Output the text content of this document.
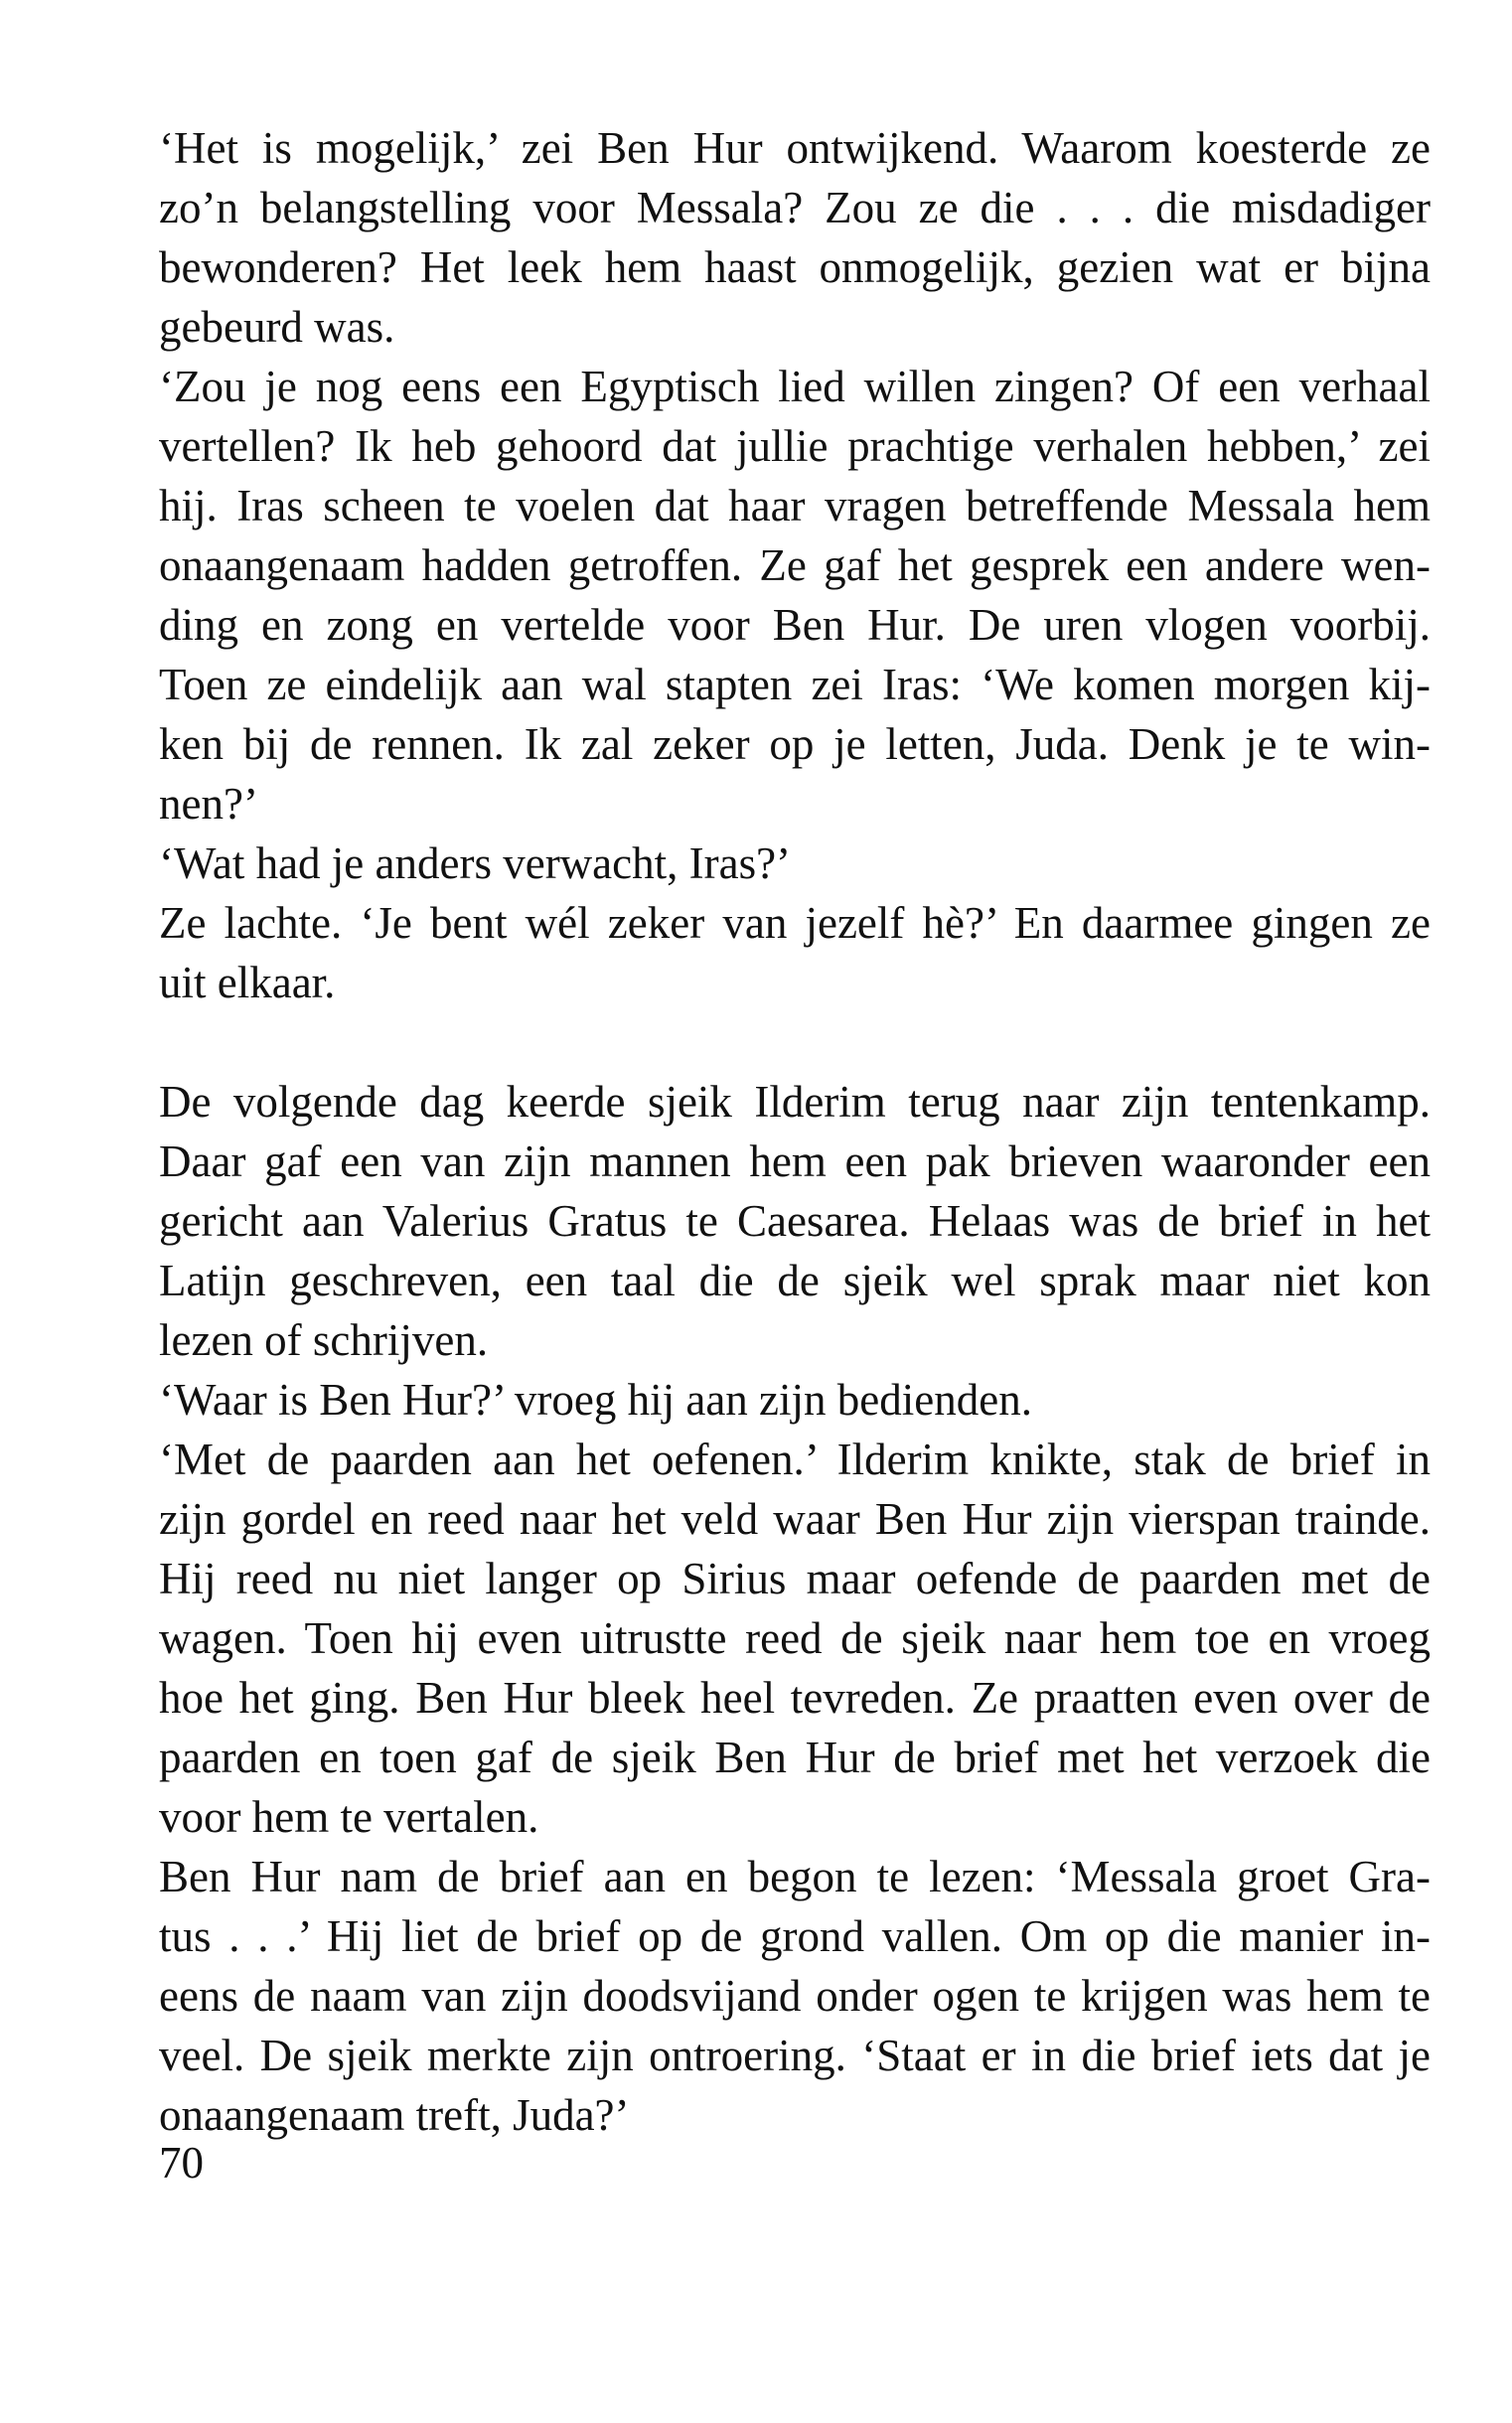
‘Het is mogelijk,’ zei Ben Hur ontwijkend. Waarom koesterde ze
zo’n belangstelling voor Messala? Zou ze die . . . die misdadiger
bewonderen? Het leek hem haast onmogelijk, gezien wat er bijna
gebeurd was.
‘Zou je nog eens een Egyptisch lied willen zingen? Of een verhaal
vertellen? Ik heb gehoord dat jullie prachtige verhalen hebben,’ zei
hij. Iras scheen te voelen dat haar vragen betreffende Messala hem
onaangenaam hadden getroffen. Ze gaf het gesprek een andere wen-
ding en zong en vertelde voor Ben Hur. De uren vlogen voorbij.
Toen ze eindelijk aan wal stapten zei Iras: ‘We komen morgen kij-
ken bij de rennen. Ik zal zeker op je letten, Juda. Denk je te win-
nen?’
‘Wat had je anders verwacht, Iras?’
Ze lachte. ‘Je bent wél zeker van jezelf hè?’ En daarmee gingen ze
uit elkaar.
De volgende dag keerde sjeik Ilderim terug naar zijn tentenkamp.
Daar gaf een van zijn mannen hem een pak brieven waaronder een
gericht aan Valerius Gratus te Caesarea. Helaas was de brief in het
Latijn geschreven, een taal die de sjeik wel sprak maar niet kon
lezen of schrijven.
‘Waar is Ben Hur?’ vroeg hij aan zijn bedienden.
‘Met de paarden aan het oefenen.’ Ilderim knikte, stak de brief in
zijn gordel en reed naar het veld waar Ben Hur zijn vierspan trainde.
Hij reed nu niet langer op Sirius maar oefende de paarden met de
wagen. Toen hij even uitrustte reed de sjeik naar hem toe en vroeg
hoe het ging. Ben Hur bleek heel tevreden. Ze praatten even over de
paarden en toen gaf de sjeik Ben Hur de brief met het verzoek die
voor hem te vertalen.
Ben Hur nam de brief aan en begon te lezen: ‘Messala groet Gra-
tus . . .’ Hij liet de brief op de grond vallen. Om op die manier in-
eens de naam van zijn doodsvijand onder ogen te krijgen was hem te
veel. De sjeik merkte zijn ontroering. ‘Staat er in die brief iets dat je
onaangenaam treft, Juda?’
70
